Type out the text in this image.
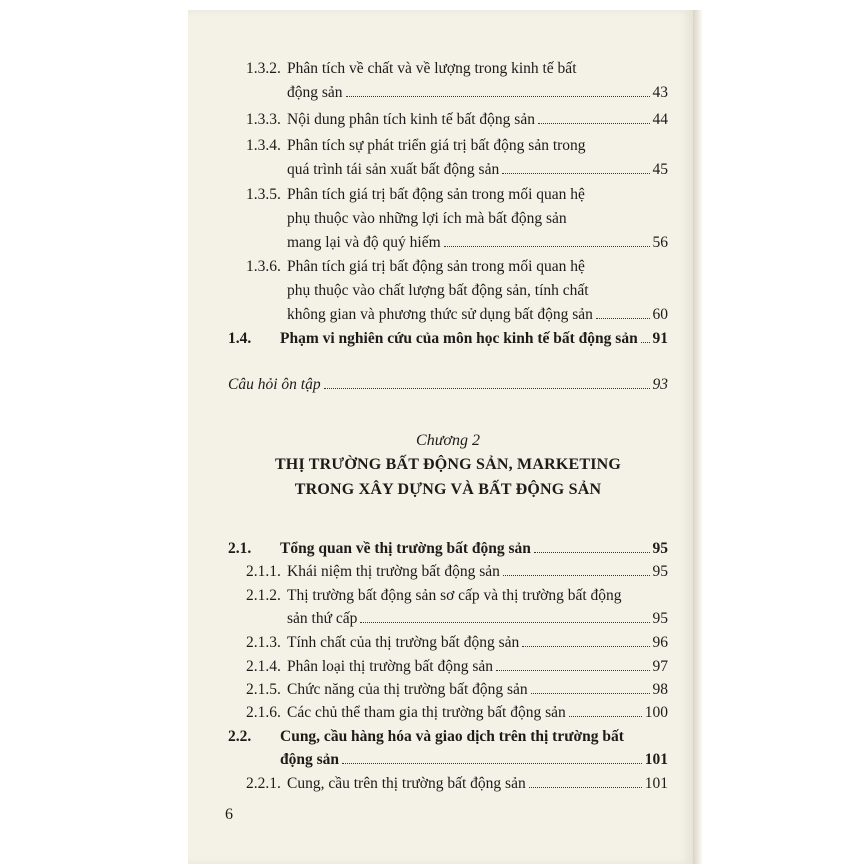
1.3.2. Phân tích về chất và về lượng trong kinh tế bất
động sản	43
1.3.3. Nội dung phân tích kinh tế bất động sản	44
1.3.4. Phân tích sự phát triển giá trị bất động sản trong
quá trình tái sản xuất bất động sản	45
1.3.5. Phân tích giá trị bất động sản trong mối quan hệ
phụ thuộc vào những lợi ích mà bất động sản
mang lại và độ quý hiếm	56
1.3.6. Phân tích giá trị bất động sản trong mối quan hệ
phụ thuộc vào chất lượng bất động sản, tính chất
không gian và phương thức sử dụng bất động sản	60
1.4. Phạm vi nghiên cứu của môn học kinh tế bất động sản 91
Câu hỏi ôn tập	93
2.1. Tổng quan về thị trường bất động sản	95
2.1.1. Khái niệm thị trường bất động sản	95
2.1.2. Thị trường bất động sản sơ cấp và thị trường bất động
sản thứ cấp	95
2.1.3. Tính chất của thị trường bất động sản	96
2.1.4. Phân loại thị trường bất động sản	97
2.1.5. Chức năng của thị trường bất động sản	98
2.1.6. Các chủ thể tham gia thị trường bất động sản	100
2.2. Cung, cầu hàng hóa và giao dịch trên thị trường bất
động sản	101
2.2.1. Cung, cầu trên thị trường bất động sản	101
Chương 2
THỊ TRƯỜNG BẤT ĐỘNG SẢN, MARKETING
TRONG XÂY DỰNG VÀ BẤT ĐỘNG SẢN
6
